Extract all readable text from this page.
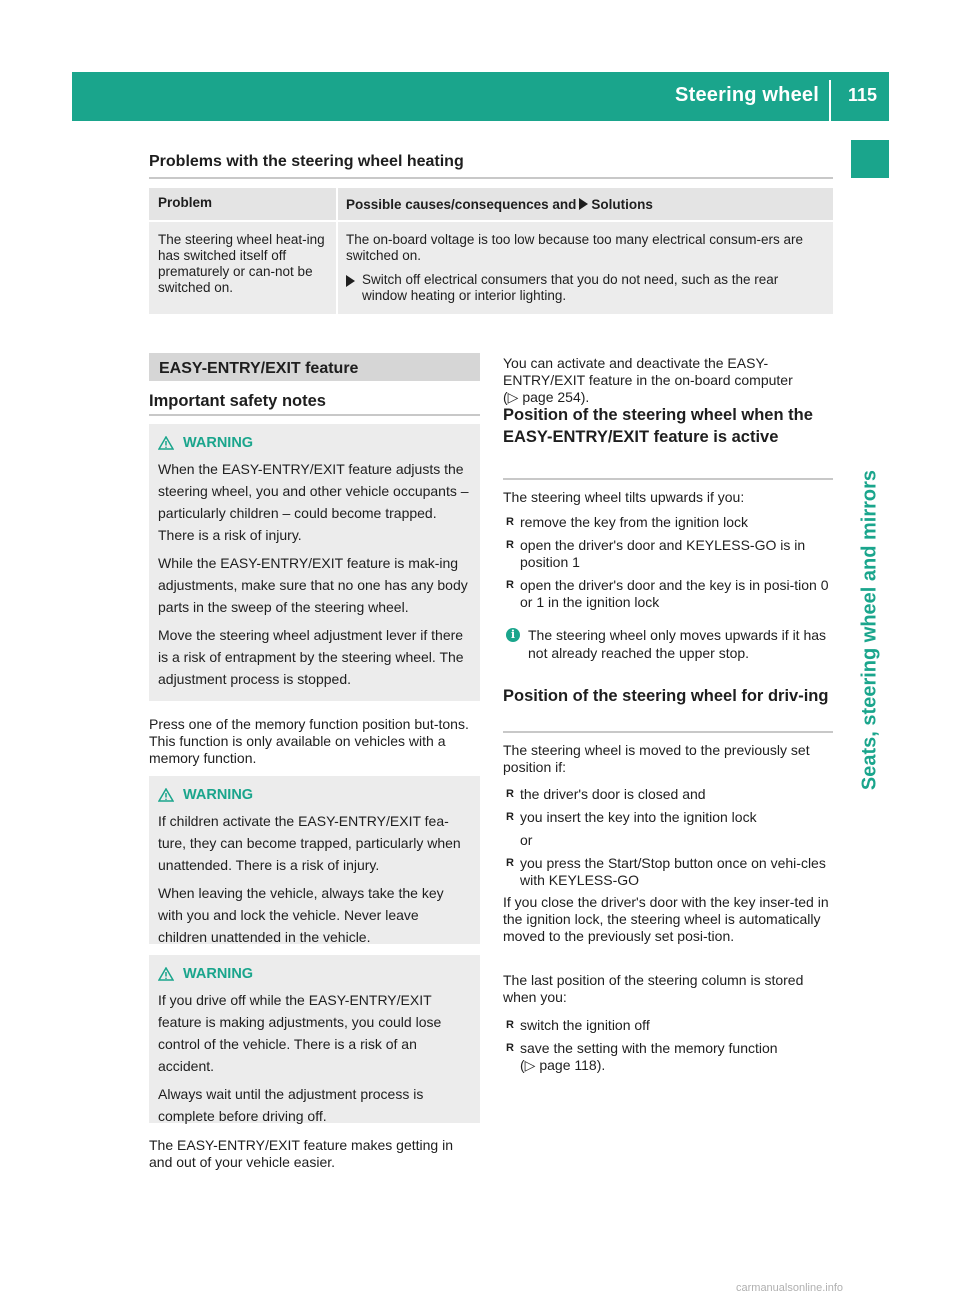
Steering wheel 115
Seats, steering wheel and mirrors
Problems with the steering wheel heating
Problem	Possible causes/consequences and Solutions
The steering wheel heat-ing has switched itself off prematurely or can-not be switched on.
The on-board voltage is too low because too many electrical consum-ers are switched on.
Switch off electrical consumers that you do not need, such as the rear window heating or interior lighting.
EASY-ENTRY/EXIT feature
Important safety notes
WARNING

When the EASY-ENTRY/EXIT feature adjusts the steering wheel, you and other vehicle occupants – particularly children – could become trapped. There is a risk of injury.

While the EASY-ENTRY/EXIT feature is mak-ing adjustments, make sure that no one has any body parts in the sweep of the steering wheel.

Move the steering wheel adjustment lever if there is a risk of entrapment by the steering wheel. The adjustment process is stopped.

Press one of the memory function position but-tons. This function is only available on vehicles with a memory function.
WARNING

If children activate the EASY-ENTRY/EXIT fea-ture, they can become trapped, particularly when unattended. There is a risk of injury.

When leaving the vehicle, always take the key with you and lock the vehicle. Never leave children unattended in the vehicle.

WARNING

If you drive off while the EASY-ENTRY/EXIT feature is making adjustments, you could lose control of the vehicle. There is a risk of an accident.

Always wait until the adjustment process is complete before driving off.

The EASY-ENTRY/EXIT feature makes getting in and out of your vehicle easier.
You can activate and deactivate the EASY-ENTRY/EXIT feature in the on-board computer (▷ page 254).
Position of the steering wheel when the EASY-ENTRY/EXIT feature is active
The steering wheel tilts upwards if you:
R remove the key from the ignition lock
R open the driver's door and KEYLESS-GO is in position 1
R open the driver's door and the key is in posi-tion 0 or 1 in the ignition lock
i The steering wheel only moves upwards if it has not already reached the upper stop.
Position of the steering wheel for driv-ing
The steering wheel is moved to the previously set position if:
R the driver's door is closed and
R you insert the key into the ignition lock
or
R you press the Start/Stop button once on vehi-cles with KEYLESS-GO
If you close the driver's door with the key inser-ted in the ignition lock, the steering wheel is automatically moved to the previously set posi-tion.
The last position of the steering column is stored when you:
R switch the ignition off
R save the setting with the memory function
(▷ page 118).
carmanualsonline.info
